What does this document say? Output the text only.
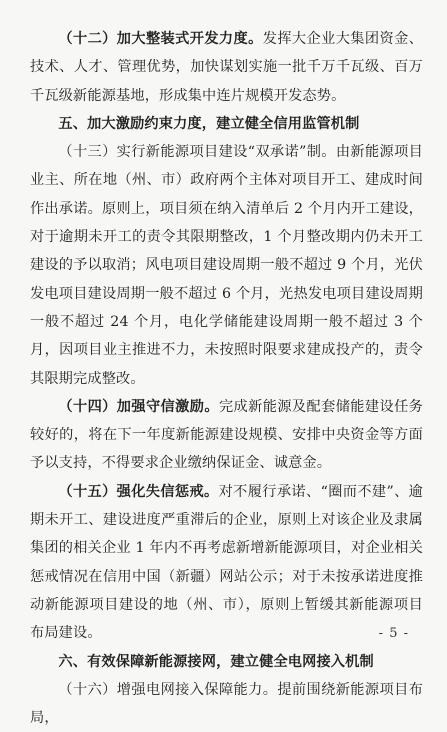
（十二）加大整装式开发力度。发挥大企业大集团资金、技术、人才、管理优势，加快谋划实施一批千万千瓦级、百万千瓦级新能源基地，形成集中连片规模开发态势。

五、加大激励约束力度，建立健全信用监管机制

（十三）实行新能源项目建设“双承诺”制。由新能源项目业主、所在地（州、市）政府两个主体对项目开工、建成时间作出承诺。原则上，项目须在纳入清单后 2 个月内开工建设，对于逾期未开工的责令其限期整改，1 个月整改期内仍未开工建设的予以取消；风电项目建设周期一般不超过 9 个月，光伏发电项目建设周期一般不超过 6 个月，光热发电项目建设周期一般不超过 24 个月，电化学储能建设周期一般不超过 3 个月，因项目业主推进不力，未按照时限要求建成投产的，责令其限期完成整改。

（十四）加强守信激励。完成新能源及配套储能建设任务较好的，将在下一年度新能源建设规模、安排中央资金等方面予以支持，不得要求企业缴纳保证金、诚意金。

（十五）强化失信惩戒。对不履行承诺、“圈而不建”、逾期未开工、建设进度严重滞后的企业，原则上对该企业及隶属集团的相关企业 1 年内不再考虑新增新能源项目，对企业相关惩戒情况在信用中国（新疆）网站公示；对于未按承诺进度推动新能源项目建设的地（州、市），原则上暂缓其新能源项目布局建设。

六、有效保障新能源接网，建立健全电网接入机制

（十六）增强电网接入保障能力。提前围绕新能源项目布局，

- 5 -
